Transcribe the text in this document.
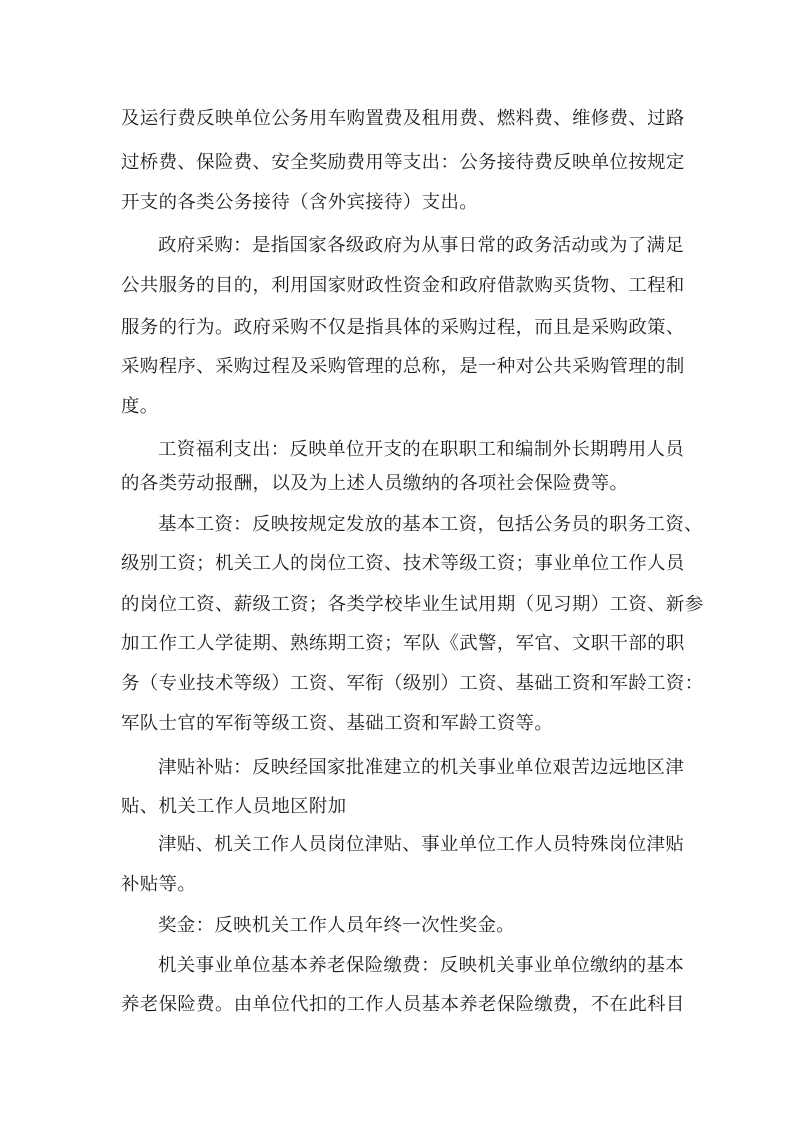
及运行费反映单位公务用车购置费及租用费、燃料费、维修费、过路
过桥费、保险费、安全奖励费用等支出：公务接待费反映单位按规定
开支的各类公务接待（含外宾接待）支出。
政府采购：是指国家各级政府为从事日常的政务活动或为了满足
公共服务的目的，利用国家财政性资金和政府借款购买货物、工程和
服务的行为。政府采购不仅是指具体的采购过程，而且是采购政策、
采购程序、采购过程及采购管理的总称，是一种对公共采购管理的制
度。
工资福利支出：反映单位开支的在职职工和编制外长期聘用人员
的各类劳动报酬，以及为上述人员缴纳的各项社会保险费等。
基本工资：反映按规定发放的基本工资，包括公务员的职务工资、
级别工资；机关工人的岗位工资、技术等级工资；事业单位工作人员
的岗位工资、薪级工资；各类学校毕业生试用期（见习期）工资、新参
加工作工人学徒期、熟练期工资；军队《武警，军官、文职干部的职
务（专业技术等级）工资、军衔（级别）工资、基础工资和军龄工资：
军队士官的军衔等级工资、基础工资和军龄工资等。
津贴补贴：反映经国家批准建立的机关事业单位艰苦边远地区津
贴、机关工作人员地区附加
津贴、机关工作人员岗位津贴、事业单位工作人员特殊岗位津贴
补贴等。
奖金：反映机关工作人员年终一次性奖金。
机关事业单位基本养老保险缴费：反映机关事业单位缴纳的基本
养老保险费。由单位代扣的工作人员基本养老保险缴费，不在此科目
